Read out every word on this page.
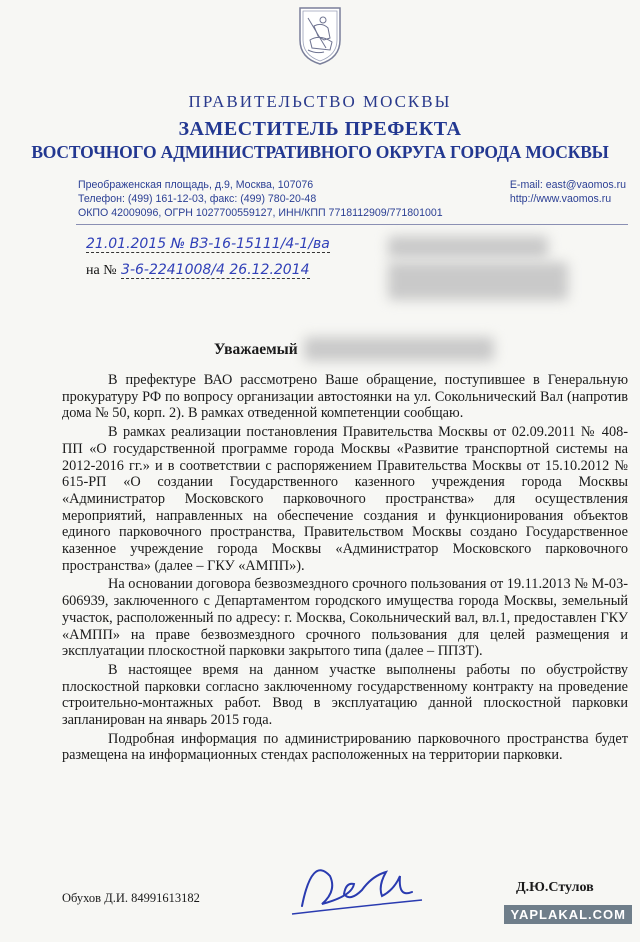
ПРАВИТЕЛЬСТВО МОСКВЫ
ЗАМЕСТИТЕЛЬ ПРЕФЕКТА
ВОСТОЧНОГО АДМИНИСТРАТИВНОГО ОКРУГА ГОРОДА МОСКВЫ
Преображенская площадь, д.9, Москва, 107076
Телефон: (499) 161-12-03, факс: (499) 780-20-48
ОКПО 42009096, ОГРН 1027700559127, ИНН/КПП 7718112909/771801001
E-mail: east@vaomos.ru
http://www.vaomos.ru
21.01.2015 № ВЗ-16-15111/4-1/ва
на № 3-6-2241008/4 26.12.2014
Уважаемый

В префектуре ВАО рассмотрено Ваше обращение, поступившее в Генеральную прокуратуру РФ по вопросу организации автостоянки на ул. Сокольнический Вал (напротив дома № 50, корп. 2). В рамках отведенной компетенции сообщаю.

В рамках реализации постановления Правительства Москвы от 02.09.2011 № 408-ПП «О государственной программе города Москвы «Развитие транспортной системы на 2012-2016 гг.» и в соответствии с распоряжением Правительства Москвы от 15.10.2012 № 615-РП «О создании Государственного казенного учреждения города Москвы «Администратор Московского парковочного пространства» для осуществления мероприятий, направленных на обеспечение создания и функционирования объектов единого парковочного пространства, Правительством Москвы создано Государственное казенное учреждение города Москвы «Администратор Московского парковочного пространства» (далее – ГКУ «АМПП»).

На основании договора безвозмездного срочного пользования от 19.11.2013 № М-03-606939, заключенного с Департаментом городского имущества города Москвы, земельный участок, расположенный по адресу: г. Москва, Сокольнический вал, вл.1, предоставлен ГКУ «АМПП» на праве безвозмездного срочного пользования для целей размещения и эксплуатации плоскостной парковки закрытого типа (далее – ППЗТ).

В настоящее время на данном участке выполнены работы по обустройству плоскостной парковки согласно заключенному государственному контракту на проведение строительно-монтажных работ. Ввод в эксплуатацию данной плоскостной парковки запланирован на январь 2015 года.

Подробная информация по администрированию парковочного пространства будет размещена на информационных стендах расположенных на территории парковки.

Обухов Д.И. 84991613182
Д.Ю.Стулов
YAPLAKAL.COM
